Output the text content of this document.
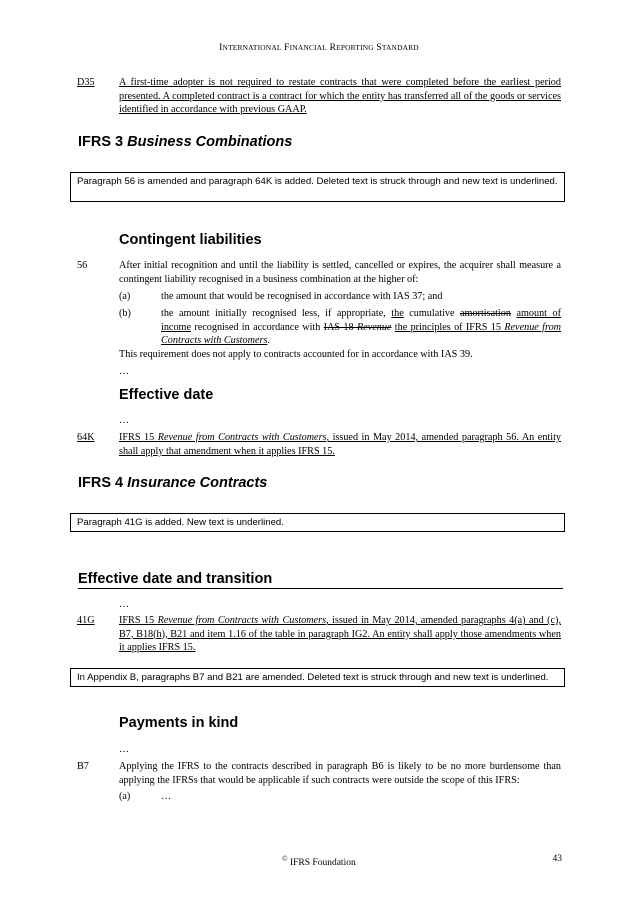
INTERNATIONAL FINANCIAL REPORTING STANDARD
D35 A first-time adopter is not required to restate contracts that were completed before the earliest period presented. A completed contract is a contract for which the entity has transferred all of the goods or services identified in accordance with previous GAAP.
IFRS 3 Business Combinations
Paragraph 56 is amended and paragraph 64K is added. Deleted text is struck through and new text is underlined.
Contingent liabilities
56	After initial recognition and until the liability is settled, cancelled or expires, the acquirer shall measure a contingent liability recognised in a business combination at the higher of:
(a)	the amount that would be recognised in accordance with IAS 37; and
(b)	the amount initially recognised less, if appropriate, the cumulative amortisation amount of income recognised in accordance with IAS 18 Revenue the principles of IFRS 15 Revenue from Contracts with Customers.
This requirement does not apply to contracts accounted for in accordance with IAS 39.
…
Effective date
…
64K IFRS 15 Revenue from Contracts with Customers, issued in May 2014, amended paragraph 56. An entity shall apply that amendment when it applies IFRS 15.
IFRS 4 Insurance Contracts
Paragraph 41G is added. New text is underlined.
Effective date and transition
…
41G IFRS 15 Revenue from Contracts with Customers, issued in May 2014, amended paragraphs 4(a) and (c), B7, B18(h), B21 and item 1.16 of the table in paragraph IG2. An entity shall apply those amendments when it applies IFRS 15.
In Appendix B, paragraphs B7 and B21 are amended. Deleted text is struck through and new text is underlined.
Payments in kind
…
B7	Applying the IFRS to the contracts described in paragraph B6 is likely to be no more burdensome than applying the IFRSs that would be applicable if such contracts were outside the scope of this IFRS:
(a)	…
© IFRS Foundation	43
